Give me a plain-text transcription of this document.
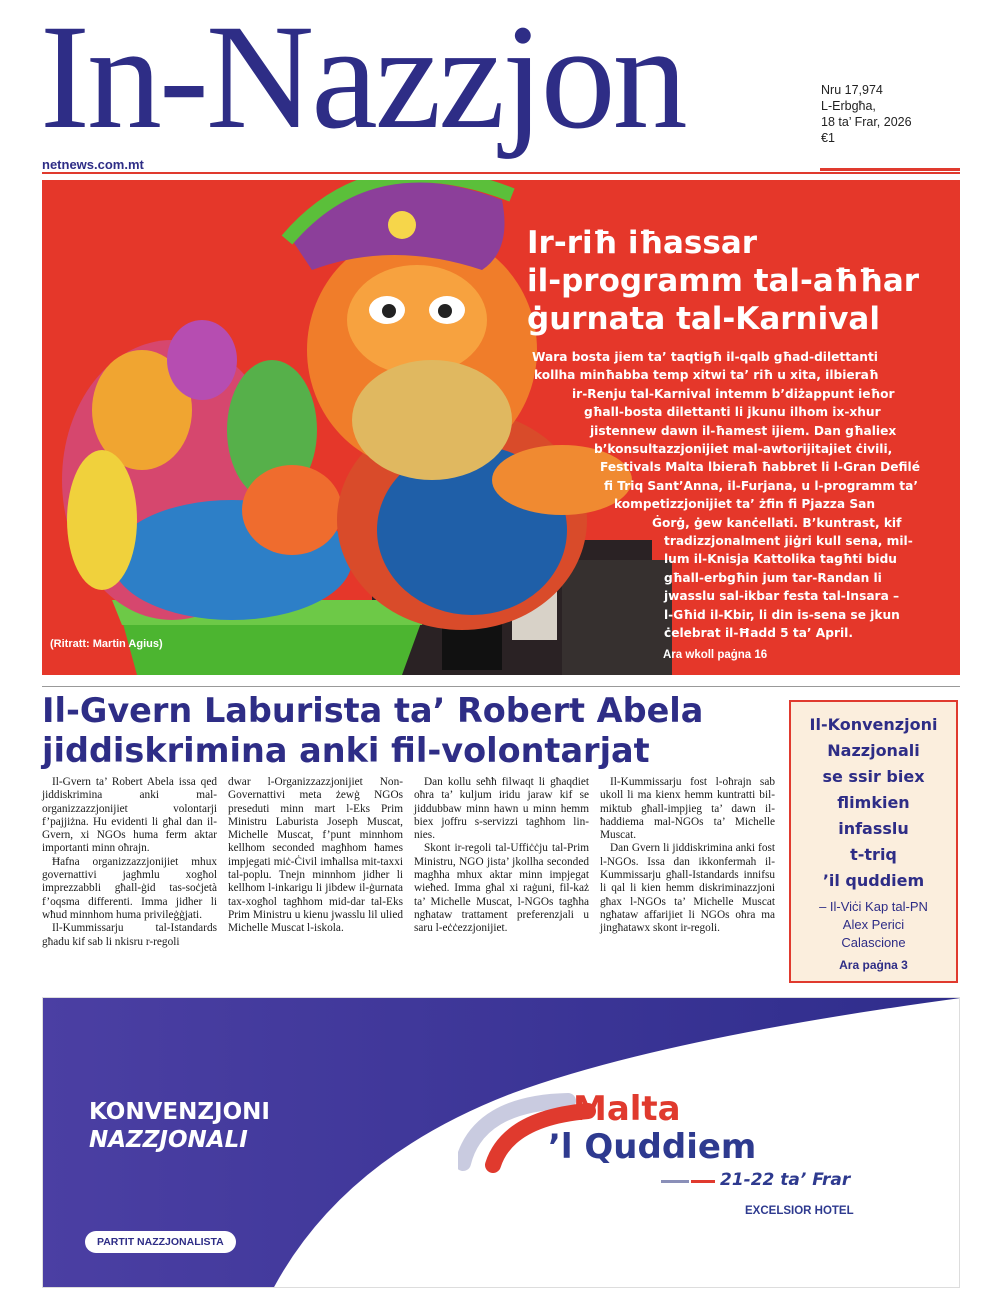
In-Nazzjon
netnews.com.mt
Nru 17,974
L-Erbgħa,
18 ta’ Frar, 2026
€1
Ir-riħ iħassar
il-programm tal-aħħar
ġurnata tal-Karnival
Wara bosta jiem ta’ taqtigħ il-qalb għad-dilettanti
kollha minħabba temp xitwi ta’ riħ u xita, ilbieraħ
ir-Renju tal-Karnival intemm b’diżappunt ieħor
għall-bosta dilettanti li jkunu ilhom ix-xhur
jistennew dawn il-ħamest ijiem. Dan għaliex
b’konsultazzjonijiet mal-awtorijitajiet ċivili,
Festivals Malta lbieraħ ħabbret li l-Gran Defilé
fi Triq Sant’Anna, il-Furjana, u l-programm ta’
kompetizzjonijiet ta’ żfin fi Pjazza San
Ġorġ, ġew kanċellati. B’kuntrast, kif
tradizzjonalment jiġri kull sena, mil-
lum il-Knisja Kattolika tagħti bidu
għall-erbgħin jum tar-Randan li
jwasslu sal-ikbar festa tal-Insara –
l-Għid il-Kbir, li din is-sena se jkun
ċelebrat il-Ħadd 5 ta’ April.
(Ritratt: Martin Agius)
Ara wkoll paġna 16
Il-Gvern Laburista ta’ Robert Abela
jiddiskrimina anki fil-volontarjat

Il-Gvern ta’ Robert Abela issa qed jiddiskrimina anki mal-organizzazzjonijiet volontarji f’pajjiżna. Hu evidenti li għal dan il-Gvern, xi NGOs huma ferm aktar importanti minn oħrajn.

Ħafna organizzazzjonijiet mhux governattivi jagħmlu xogħol imprezzabbli għall-ġid tas-soċjetà f’oqsma differenti. Imma jidher li wħud minnhom huma privileġġjati.

Il-Kummissarju tal-Istandards għadu kif sab li nkisru r-regoli

dwar l-Organizzazzjonijiet Non-Governattivi meta żewġ NGOs preseduti minn mart l-Eks Prim Ministru Laburista Joseph Muscat, Michelle Muscat, f’punt minnhom kellhom seconded magħhom ħames impjegati miċ-Ċivil imħallsa mit-taxxi tal-poplu. Tnejn minnhom jidher li kellhom l-inkarigu li jibdew il-ġurnata tax-xogħol tagħhom mid-dar tal-Eks Prim Ministru u kienu jwasslu lil ulied Michelle Muscat l-iskola.

Dan kollu seħħ filwaqt li għaqdiet oħra ta’ kuljum iridu jaraw kif se jiddubbaw minn hawn u minn hemm biex joffru s-servizzi tagħhom lin-nies.

Skont ir-regoli tal-Uffiċċju tal-Prim Ministru, NGO jista’ jkollha seconded magħha mhux aktar minn impjegat wieħed. Imma għal xi raġuni, fil-każ ta’ Michelle Muscat, l-NGOs tagħha ngħataw trattament preferenzjali u saru l-eċċezzjonijiet.

Il-Kummissarju fost l-oħrajn sab ukoll li ma kienx hemm kuntratti bil-miktub għall-impjieg ta’ dawn il-ħaddiema mal-NGOs ta’ Michelle Muscat.

Dan Gvern li jiddiskrimina anki fost l-NGOs. Issa dan ikkonfermah il-Kummissarju għall-Istandards innifsu li qal li kien hemm diskriminazzjoni għax l-NGOs ta’ Michelle Muscat ngħataw affarijiet li NGOs oħra ma jingħatawx skont ir-regoli.

Il-Konvenzjoni
Nazzjonali
se ssir biex
flimkien
infasslu
t-triq
’il quddiem
– Il-Viċi Kap tal-PN
Alex Perici
Calascione
Ara paġna 3
KONVENZJONI
NAZZJONALI
PARTIT NAZZJONALISTA
Malta
’l Quddiem
21-22 ta’ Frar
EXCELSIOR HOTEL
